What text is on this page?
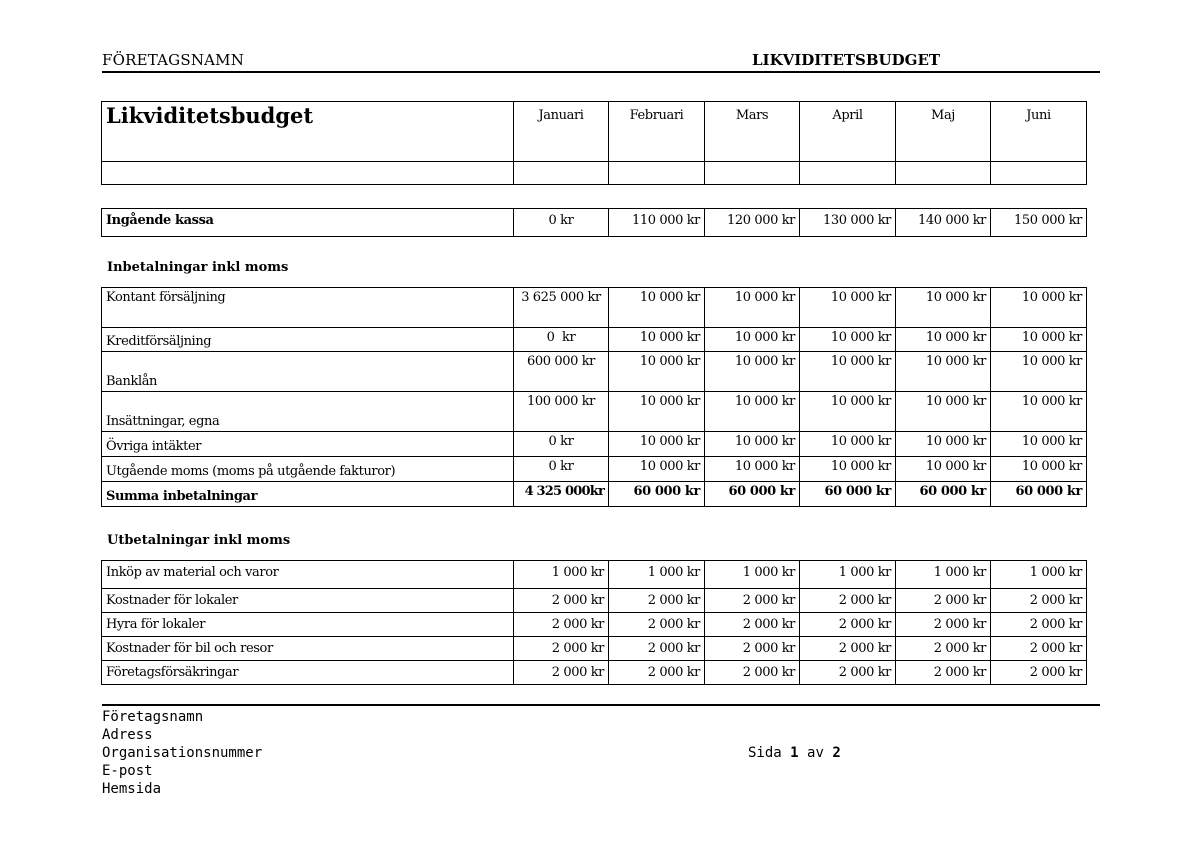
FÖRETAGSNAMN	LIKVIDITETSBUDGET
Likviditetsbudget	Januari	Februari	Mars	April	Maj	Juni

Ingående kassa	0 kr	110 000 kr	120 000 kr	130 000 kr	140 000 kr	150 000 kr
Inbetalningar inkl moms
Kontant försäljning	3 625 000 kr	10 000 kr	10 000 kr	10 000 kr	10 000 kr	10 000 kr
Kreditförsäljning	0  kr	10 000 kr	10 000 kr	10 000 kr	10 000 kr	10 000 kr
Banklån	600 000 kr	10 000 kr	10 000 kr	10 000 kr	10 000 kr	10 000 kr
Insättningar, egna	100 000 kr	10 000 kr	10 000 kr	10 000 kr	10 000 kr	10 000 kr
Övriga intäkter	0 kr	10 000 kr	10 000 kr	10 000 kr	10 000 kr	10 000 kr
Utgående moms (moms på utgående fakturor)	0 kr	10 000 kr	10 000 kr	10 000 kr	10 000 kr	10 000 kr
Summa inbetalningar	4 325 000kr	60 000 kr	60 000 kr	60 000 kr	60 000 kr	60 000 kr
Utbetalningar inkl moms
Inköp av material och varor	1 000 kr	1 000 kr	1 000 kr	1 000 kr	1 000 kr	1 000 kr
Kostnader för lokaler	2 000 kr	2 000 kr	2 000 kr	2 000 kr	2 000 kr	2 000 kr
Hyra för lokaler	2 000 kr	2 000 kr	2 000 kr	2 000 kr	2 000 kr	2 000 kr
Kostnader för bil och resor	2 000 kr	2 000 kr	2 000 kr	2 000 kr	2 000 kr	2 000 kr
Företagsförsäkringar	2 000 kr	2 000 kr	2 000 kr	2 000 kr	2 000 kr	2 000 kr
Företagsnamn
Adress
Organisationsnummer
E-post
Hemsida
Sida 1 av 2
